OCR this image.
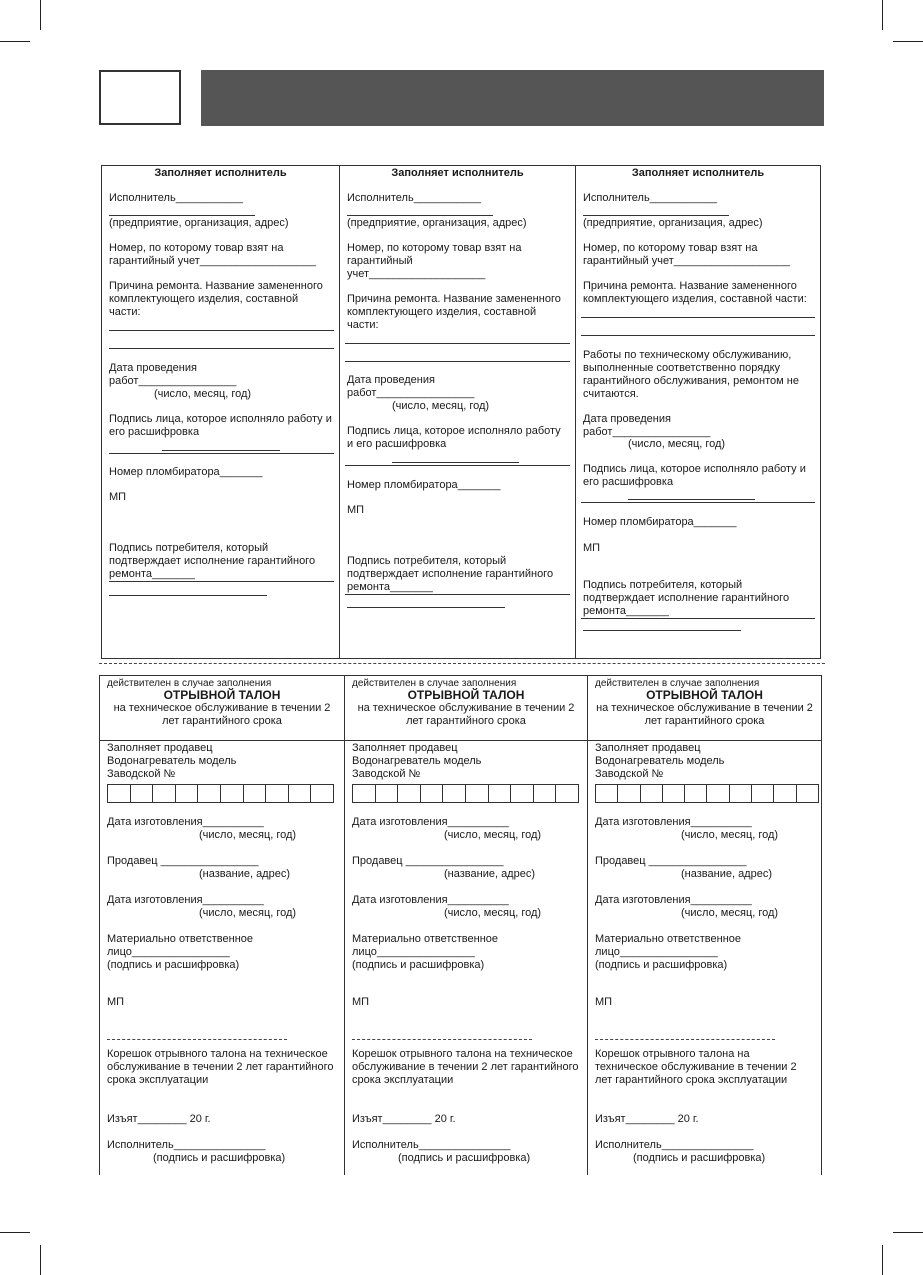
Заполняет исполнитель
Исполнитель___________
(предприятие, организация, адрес)
Номер, по которому товар взят на
гарантийный учет___________________
Причина ремонта. Название замененного
комплектующего изделия, составной
части:
Дата проведения
работ________________
(число, месяц, год)
Подпись лица, которое исполняло работу и
его расшифровка
Номер пломбиратора_______
МП
Подпись потребителя, который
подтверждает исполнение гарантийного
ремонта_______
Заполняет исполнитель
Исполнитель___________
(предприятие, организация, адрес)
Номер, по которому товар взят на
гарантийный
учет___________________
Причина ремонта. Название замененного
комплектующего изделия, составной
части:
Дата проведения
работ________________
(число, месяц, год)
Подпись лица, которое исполняло работу
и его расшифровка
Номер пломбиратора_______
МП
Подпись потребителя, который
подтверждает исполнение гарантийного
ремонта_______
Заполняет исполнитель
Исполнитель___________
(предприятие, организация, адрес)
Номер, по которому товар взят на
гарантийный учет___________________
Причина ремонта. Название замененного
комплектующего изделия, составной части:
Работы по техническому обслуживанию,
выполненные соответственно порядку
гарантийного обслуживания, ремонтом не
считаются.
Дата проведения
работ________________
(число, месяц, год)
Подпись лица, которое исполняло работу и
его расшифровка
Номер пломбиратора_______
МП
Подпись потребителя, который
подтверждает исполнение гарантийного
ремонта_______
действителен в случае заполнения
ОТРЫВНОЙ ТАЛОН
на техническое обслуживание в течении 2
лет гарантийного срока
Заполняет продавец
Водонагреватель модель
Заводской №
Дата изготовления__________
(число, месяц, год)
Продавец ________________
(название, адрес)
Дата изготовления__________
(число, месяц, год)
Материально ответственное
лицо________________
(подпись и расшифровка)
МП
Корешок отрывного талона на техническое
обслуживание в течении 2 лет гарантийного
срока эксплуатации
Изъят________ 20 г.
Исполнитель_______________
(подпись и расшифровка)
действителен в случае заполнения
ОТРЫВНОЙ ТАЛОН
на техническое обслуживание в течении 2
лет гарантийного срока
Заполняет продавец
Водонагреватель модель
Заводской №
Дата изготовления__________
(число, месяц, год)
Продавец ________________
(название, адрес)
Дата изготовления__________
(число, месяц, год)
Материально ответственное
лицо________________
(подпись и расшифровка)
МП
Корешок отрывного талона на техническое
обслуживание в течении 2 лет гарантийного
срока эксплуатации
Изъят________ 20 г.
Исполнитель_______________
(подпись и расшифровка)
действителен в случае заполнения
ОТРЫВНОЙ ТАЛОН
на техническое обслуживание в течении 2
лет гарантийного срока
Заполняет продавец
Водонагреватель модель
Заводской №
Дата изготовления__________
(число, месяц, год)
Продавец ________________
(название, адрес)
Дата изготовления__________
(число, месяц, год)
Материально ответственное
лицо________________
(подпись и расшифровка)
МП
Корешок отрывного талона на
техническое обслуживание в течении 2
лет гарантийного срока эксплуатации
Изъят________ 20 г.
Исполнитель_______________
(подпись и расшифровка)
